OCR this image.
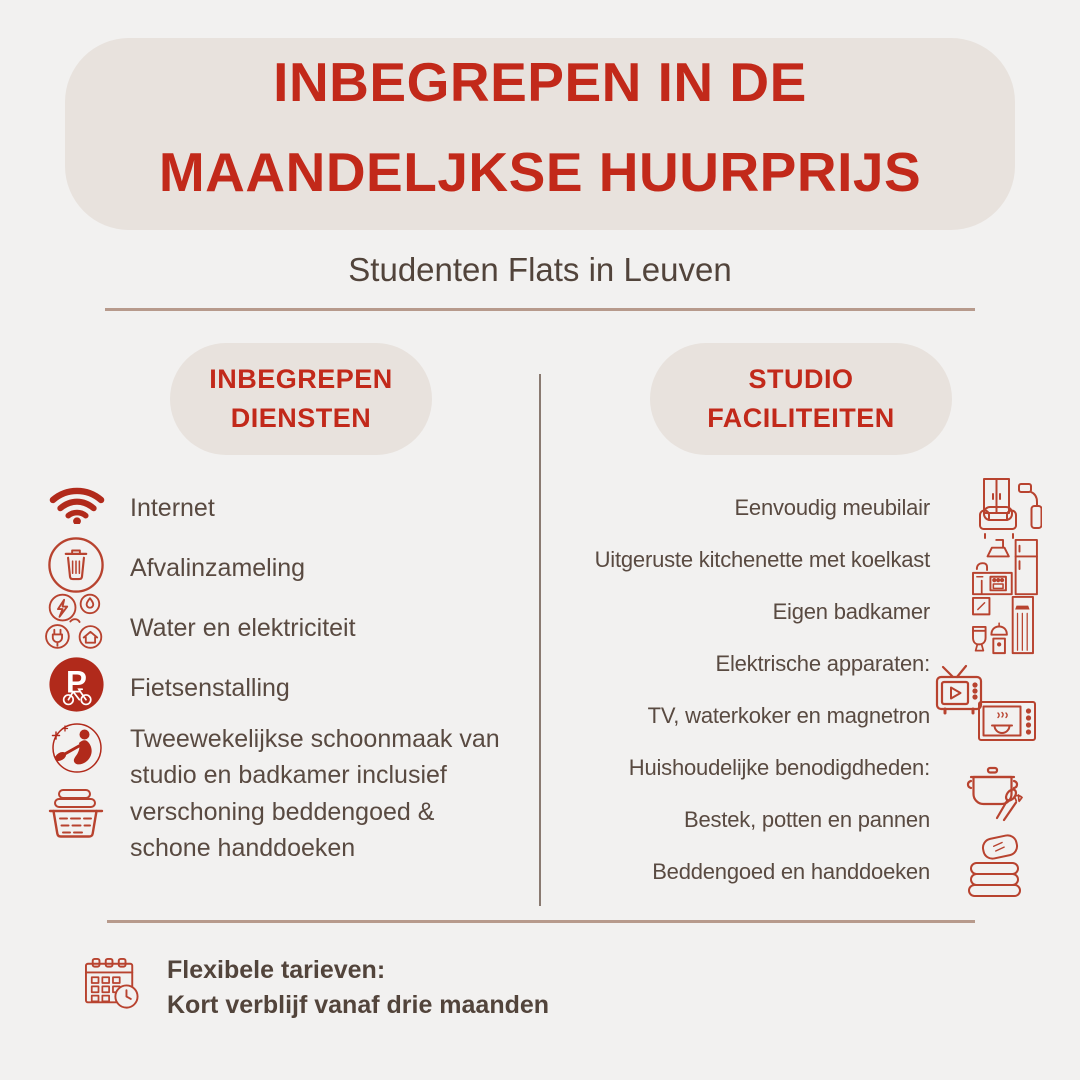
INBEGREPEN IN DE
MAANDELJKSE HUURPRIJS
Studenten Flats in Leuven
INBEGREPEN
DIENSTEN
STUDIO
FACILITEITEN
P
Internet
Afvalinzameling
Water en elektriciteit
Fietsenstalling
Tweewekelijkse schoonmaak van studio en badkamer inclusief verschoning beddengoed & schone handdoeken
Eenvoudig meubilair
Uitgeruste kitchenette met koelkast
Eigen badkamer
Elektrische apparaten:
TV, waterkoker en magnetron
Huishoudelijke benodigdheden:
Bestek, potten en pannen
Beddengoed en handdoeken
Flexibele tarieven:
Kort verblijf vanaf drie maanden
